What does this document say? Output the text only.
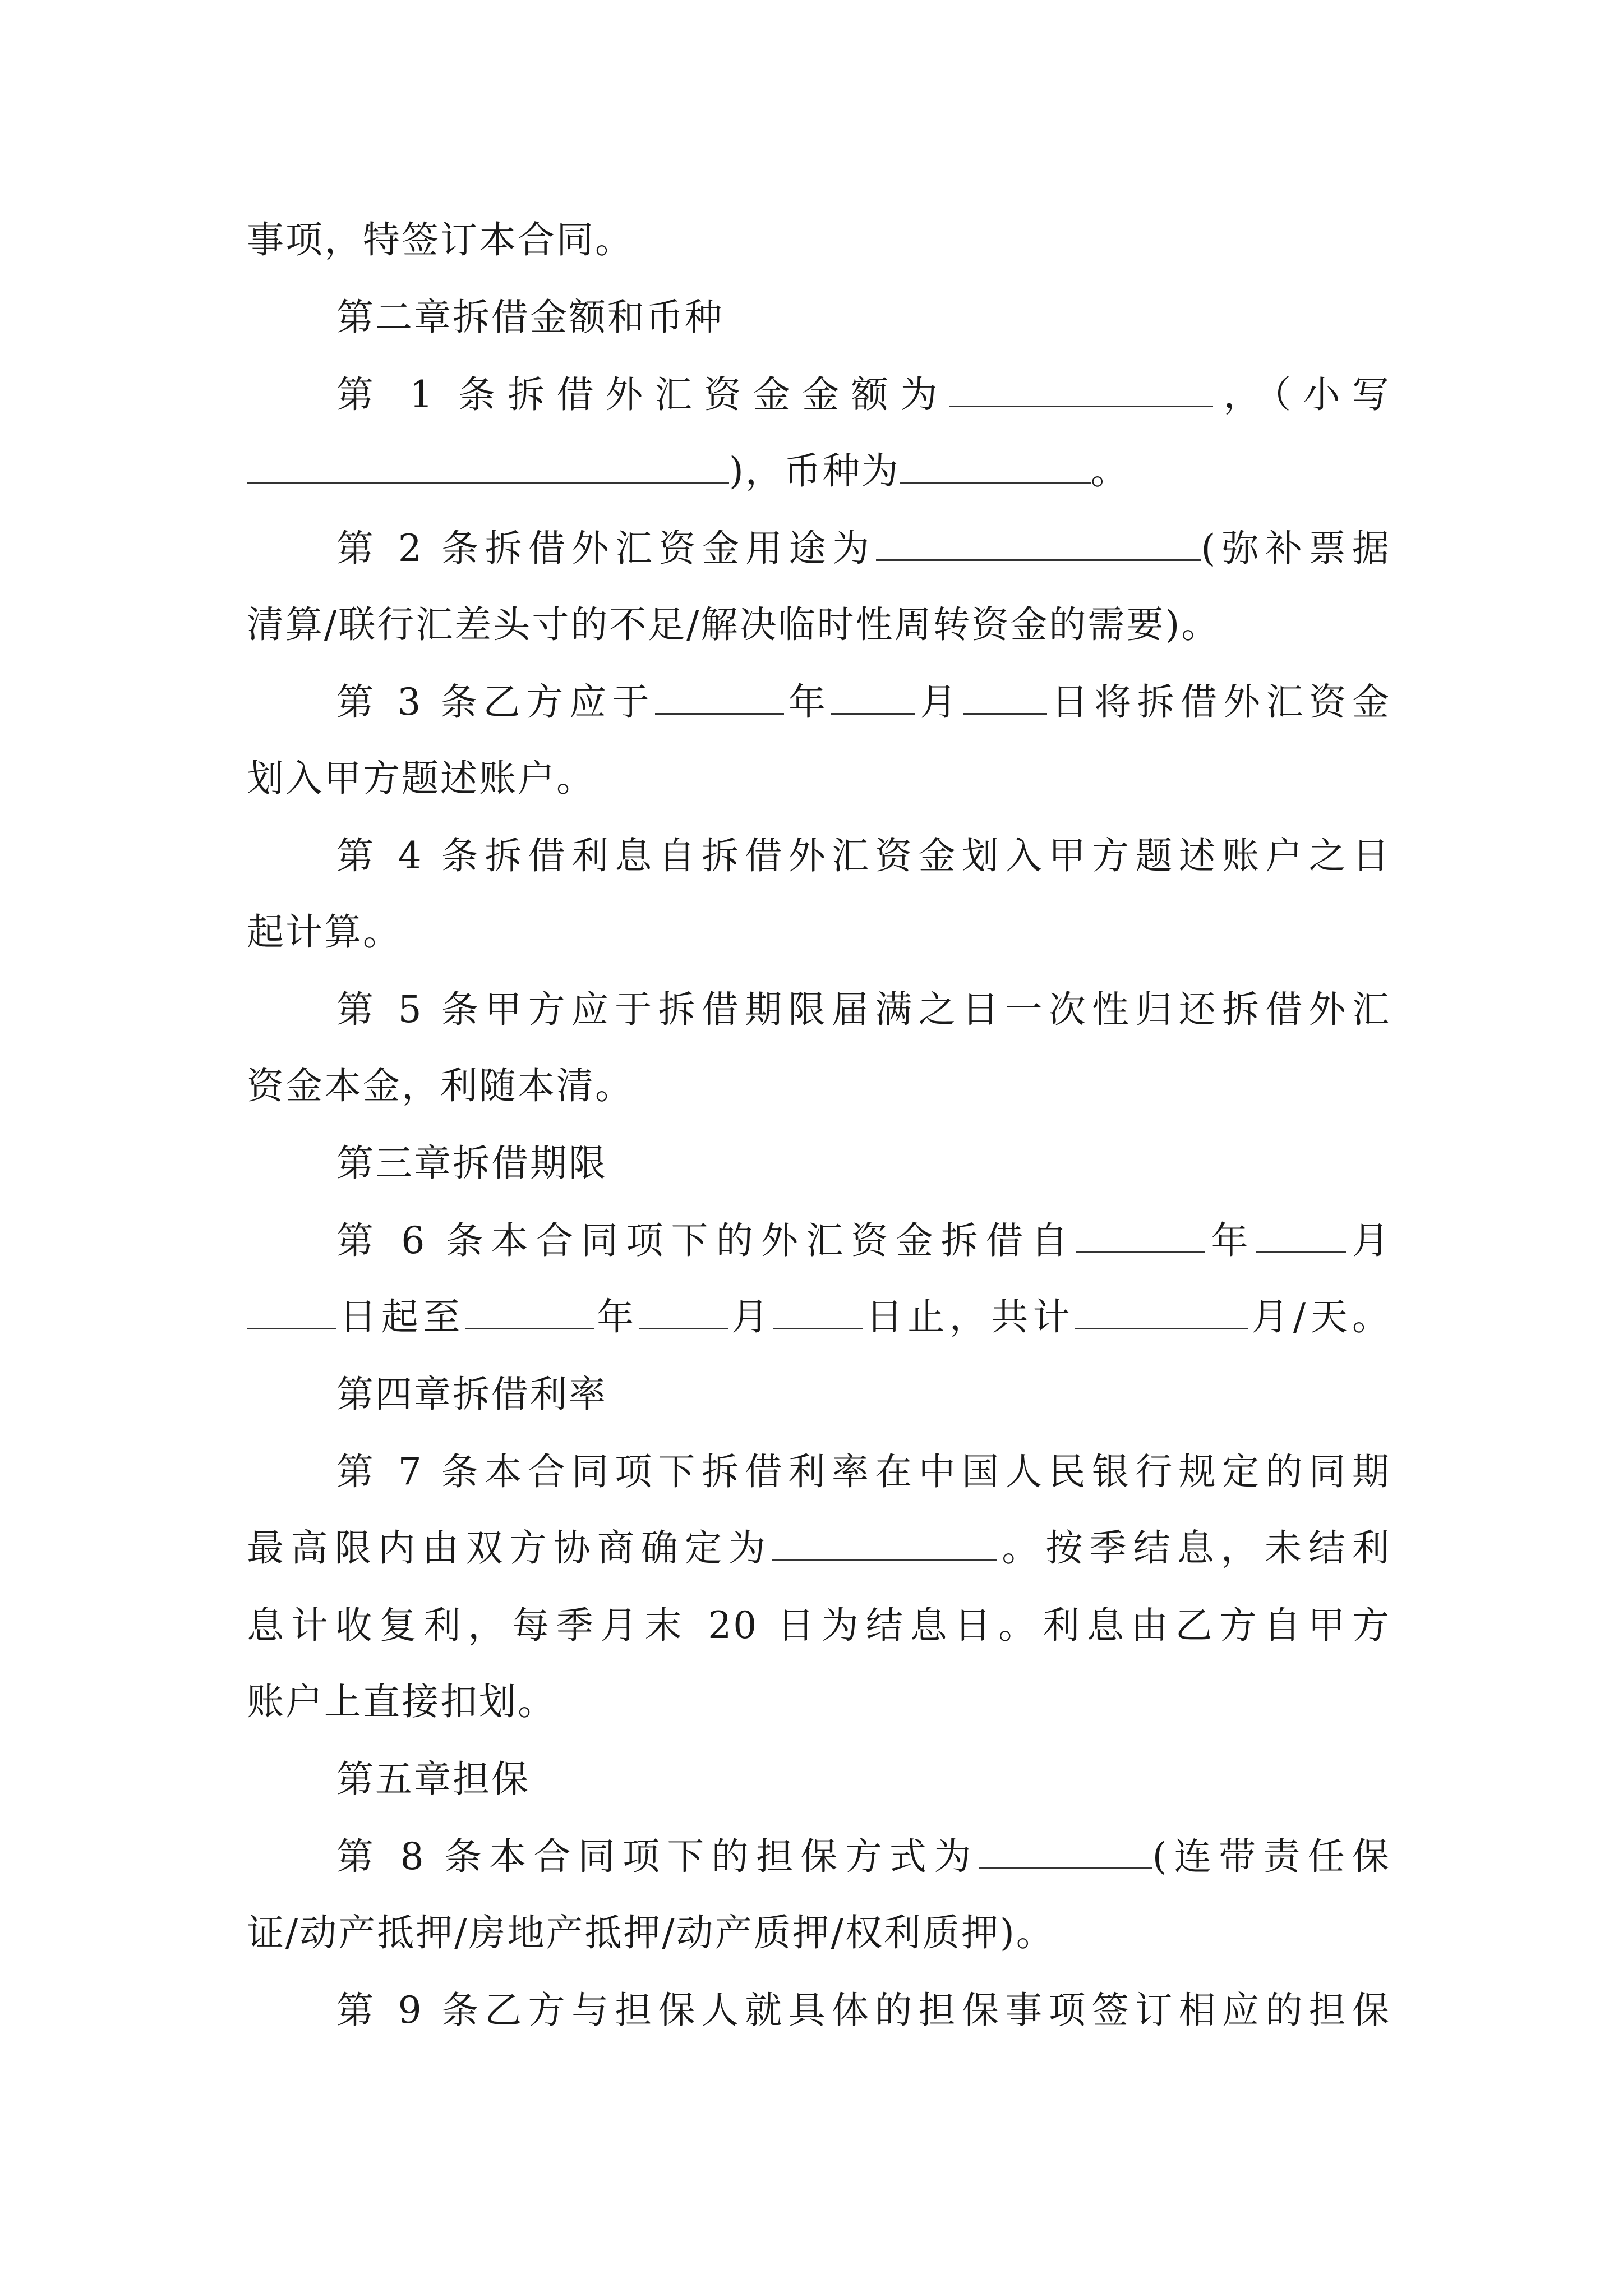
事项，特签订本合同。
第二章拆借金额和币种
第 1 条拆借外汇资金金额为	，（小写
)，币种为	。
第 2 条拆借外汇资金用途为	(弥补票据
清算/联行汇差头寸的不足/解决临时性周转资金的需要)。
第 3 条乙方应于	年 月 日将拆借外汇资金
划入甲方题述账户。
第 4 条拆借利息自拆借外汇资金划入甲方题述账户之日
起计算。
第 5 条甲方应于拆借期限届满之日一次性归还拆借外汇
资金本金，利随本清。
第三章拆借期限
第 6 条本合同项下的外汇资金拆借自	年 月
日起至	年 月 日止，共计	月/天。
第四章拆借利率
第 7 条本合同项下拆借利率在中国人民银行规定的同期
最高限内由双方协商确定为	。按季结息，未结利
息计收复利，每季月末 20 日为结息日。利息由乙方自甲方
账户上直接扣划。
第五章担保
第 8 条本合同项下的担保方式为	(连带责任保
证/动产抵押/房地产抵押/动产质押/权利质押)。
第 9 条乙方与担保人就具体的担保事项签订相应的担保
